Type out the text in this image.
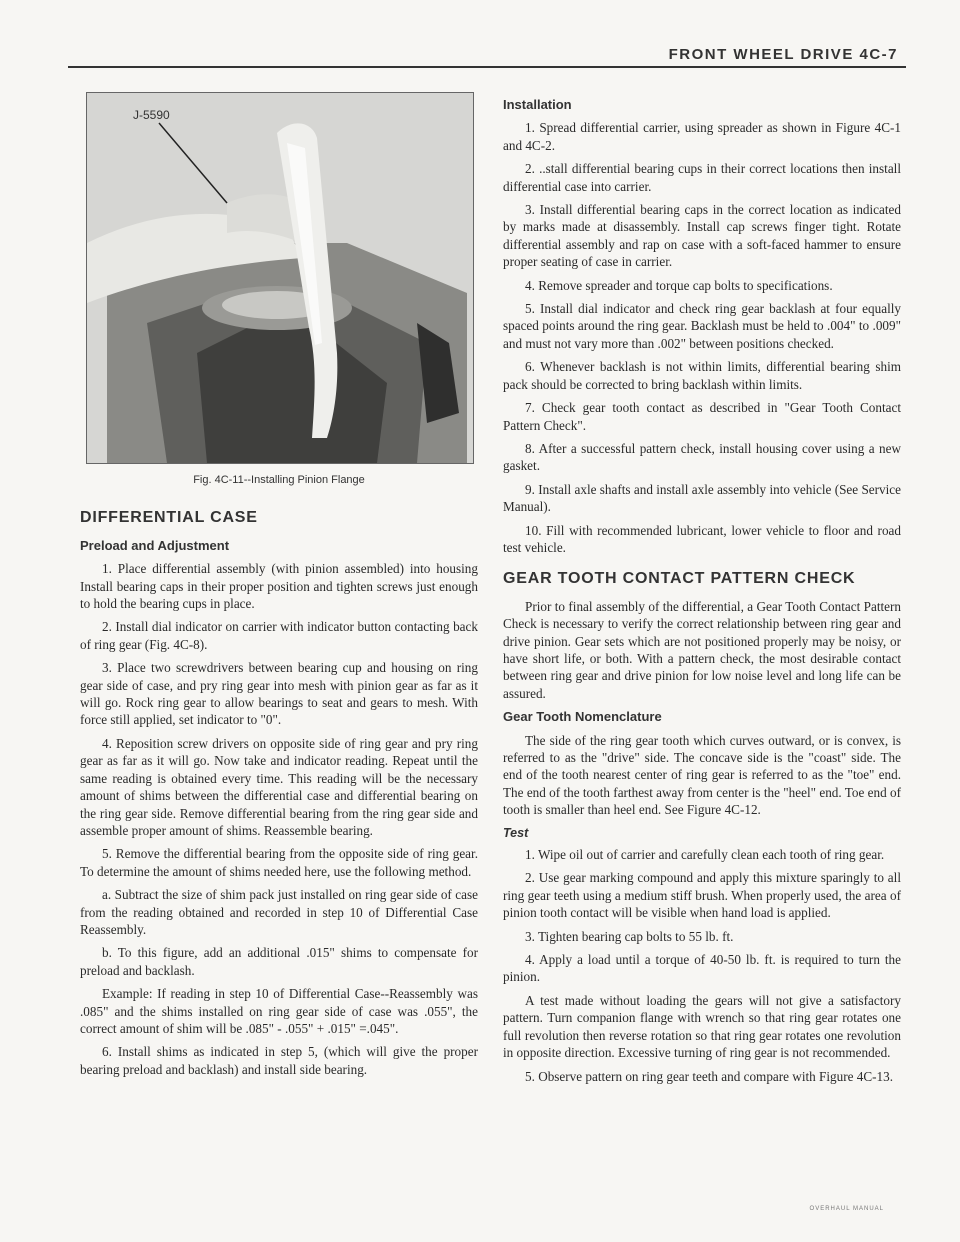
FRONT WHEEL DRIVE 4C-7
J-5590
Fig. 4C-11--Installing Pinion Flange
DIFFERENTIAL CASE
Preload and Adjustment

1. Place differential assembly (with pinion assembled) into housing Install bearing caps in their proper position and tighten screws just enough to hold the bearing cups in place.

2. Install dial indicator on carrier with indicator button contacting back of ring gear (Fig. 4C-8).

3. Place two screwdrivers between bearing cup and housing on ring gear side of case, and pry ring gear into mesh with pinion gear as far as it will go. Rock ring gear to allow bearings to seat and gears to mesh. With force still applied, set indicator to "0".

4. Reposition screw drivers on opposite side of ring gear and pry ring gear as far as it will go. Now take and indicator reading. Repeat until the same reading is obtained every time. This reading will be the necessary amount of shims between the differential case and differential bearing on the ring gear side. Remove differential bearing from the ring gear side and assemble proper amount of shims. Reassemble bearing.

5. Remove the differential bearing from the opposite side of ring gear. To determine the amount of shims needed here, use the following method.

a. Subtract the size of shim pack just installed on ring gear side of case from the reading obtained and recorded in step 10 of Differential Case Reassembly.

b. To this figure, add an additional .015" shims to compensate for preload and backlash.

Example: If reading in step 10 of Differential Case--Reassembly was .085" and the shims installed on ring gear side of case was .055", the correct amount of shim will be .085" - .055" + .015" =.045".

6. Install shims as indicated in step 5, (which will give the proper bearing preload and backlash) and install side bearing.

Installation

1. Spread differential carrier, using spreader as shown in Figure 4C-1 and 4C-2.

2. ..stall differential bearing cups in their correct locations then install differential case into carrier.

3. Install differential bearing caps in the correct location as indicated by marks made at disassembly. Install cap screws finger tight. Rotate differential assembly and rap on case with a soft-faced hammer to ensure proper seating of case in carrier.

4. Remove spreader and torque cap bolts to specifications.

5. Install dial indicator and check ring gear backlash at four equally spaced points around the ring gear. Backlash must be held to .004" to .009" and must not vary more than .002" between positions checked.

6. Whenever backlash is not within limits, differential bearing shim pack should be corrected to bring backlash within limits.

7. Check gear tooth contact as described in "Gear Tooth Contact Pattern Check".

8. After a successful pattern check, install housing cover using a new gasket.

9. Install axle shafts and install axle assembly into vehicle (See Service Manual).

10. Fill with recommended lubricant, lower vehicle to floor and road test vehicle.

GEAR TOOTH CONTACT PATTERN CHECK

Prior to final assembly of the differential, a Gear Tooth Contact Pattern Check is necessary to verify the correct relationship between ring gear and drive pinion. Gear sets which are not positioned properly may be noisy, or have short life, or both. With a pattern check, the most desirable contact between ring gear and drive pinion for low noise level and long life can be assured.

Gear Tooth Nomenclature

The side of the ring gear tooth which curves outward, or is convex, is referred to as the "drive" side. The concave side is the "coast" side. The end of the tooth nearest center of ring gear is referred to as the "toe" end. The end of the tooth farthest away from center is the "heel" end. Toe end of tooth is smaller than heel end. See Figure 4C-12.

Test

1. Wipe oil out of carrier and carefully clean each tooth of ring gear.

2. Use gear marking compound and apply this mixture sparingly to all ring gear teeth using a medium stiff brush. When properly used, the area of pinion tooth contact will be visible when hand load is applied.

3. Tighten bearing cap bolts to 55 lb. ft.

4. Apply a load until a torque of 40-50 lb. ft. is required to turn the pinion.

A test made without loading the gears will not give a satisfactory pattern. Turn companion flange with wrench so that ring gear rotates one full revolution then reverse rotation so that ring gear rotates one revolution in opposite direction. Excessive turning of ring gear is not recommended.

5. Observe pattern on ring gear teeth and compare with Figure 4C-13.

OVERHAUL MANUAL
